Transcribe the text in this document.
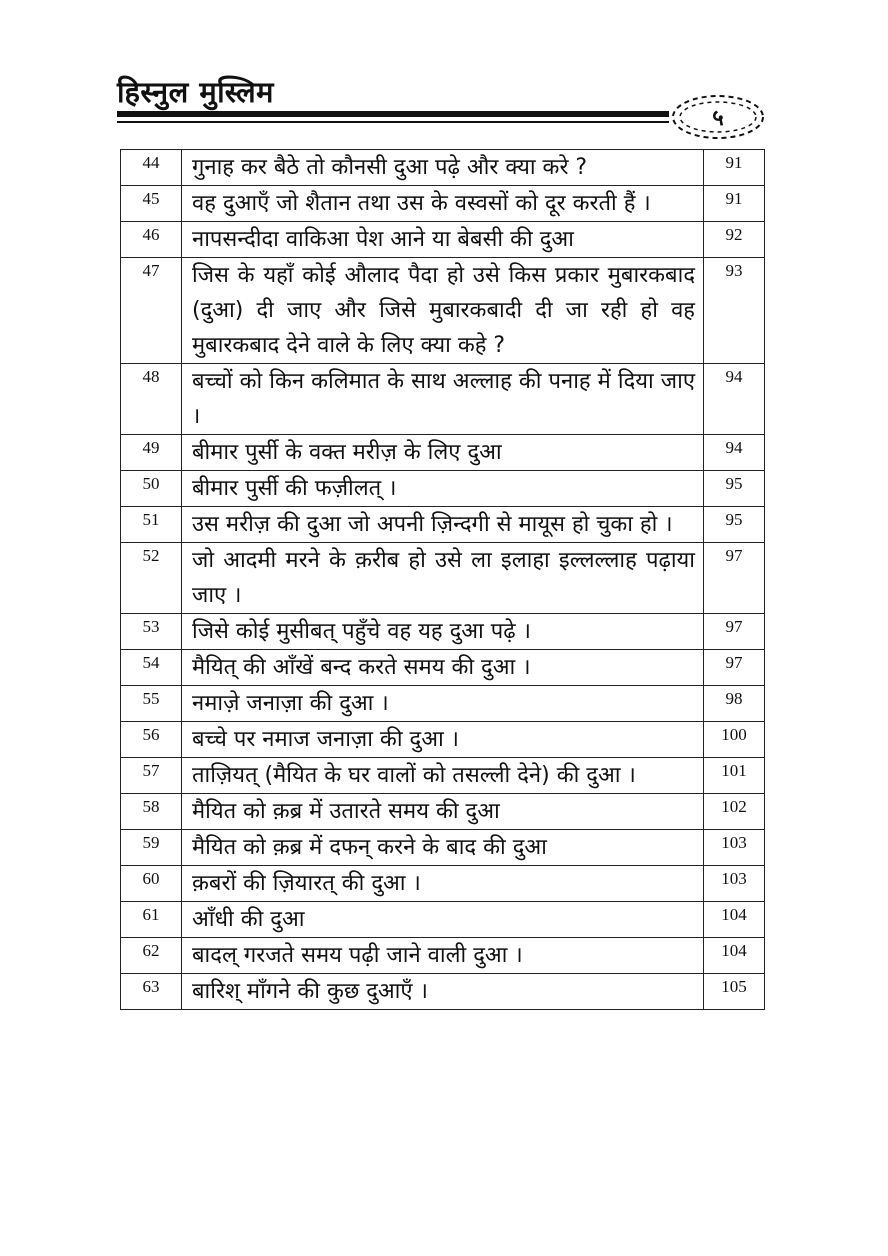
हिस्नुल मुस्लिम
५
44	गुनाह कर बैठे तो कौनसी दुआ पढ़े और क्या करे ?	91
45	वह दुआएँ जो शैतान तथा उस के वस्वसों को दूर करती हैं ।	91
46	नापसन्दीदा वाकिआ पेश आने या बेबसी की दुआ	92
47	जिस के यहाँ कोई औलाद पैदा हो उसे किस प्रकार मुबारकबाद (दुआ) दी जाए और जिसे मुबारकबादी दी जा रही हो वह मुबारकबाद देने वाले के लिए क्या कहे ?	93
48	बच्चों को किन कलिमात के साथ अल्लाह की पनाह में दिया जाए ।	94
49	बीमार पुर्सी के वक्त मरीज़ के लिए दुआ	94
50	बीमार पुर्सी की फज़ीलत् ।	95
51	उस मरीज़ की दुआ जो अपनी ज़िन्दगी से मायूस हो चुका हो ।	95
52	जो आदमी मरने के क़रीब हो उसे ला इलाहा इल्लल्लाह पढ़ाया जाए ।	97
53	जिसे कोई मुसीबत् पहुँचे वह यह दुआ पढ़े ।	97
54	मैयित् की आँखें बन्द करते समय की दुआ ।	97
55	नमाज़े जनाज़ा की दुआ ।	98
56	बच्चे पर नमाज जनाज़ा की दुआ ।	100
57	ताज़ियत् (मैयित के घर वालों को तसल्ली देने) की दुआ ।	101
58	मैयित को क़ब्र में उतारते समय की दुआ	102
59	मैयित को क़ब्र में दफन् करने के बाद की दुआ	103
60	क़बरों की ज़ियारत् की दुआ ।	103
61	आँधी की दुआ	104
62	बादल् गरजते समय पढ़ी जाने वाली दुआ ।	104
63	बारिश् माँगने की कुछ दुआएँ ।	105
